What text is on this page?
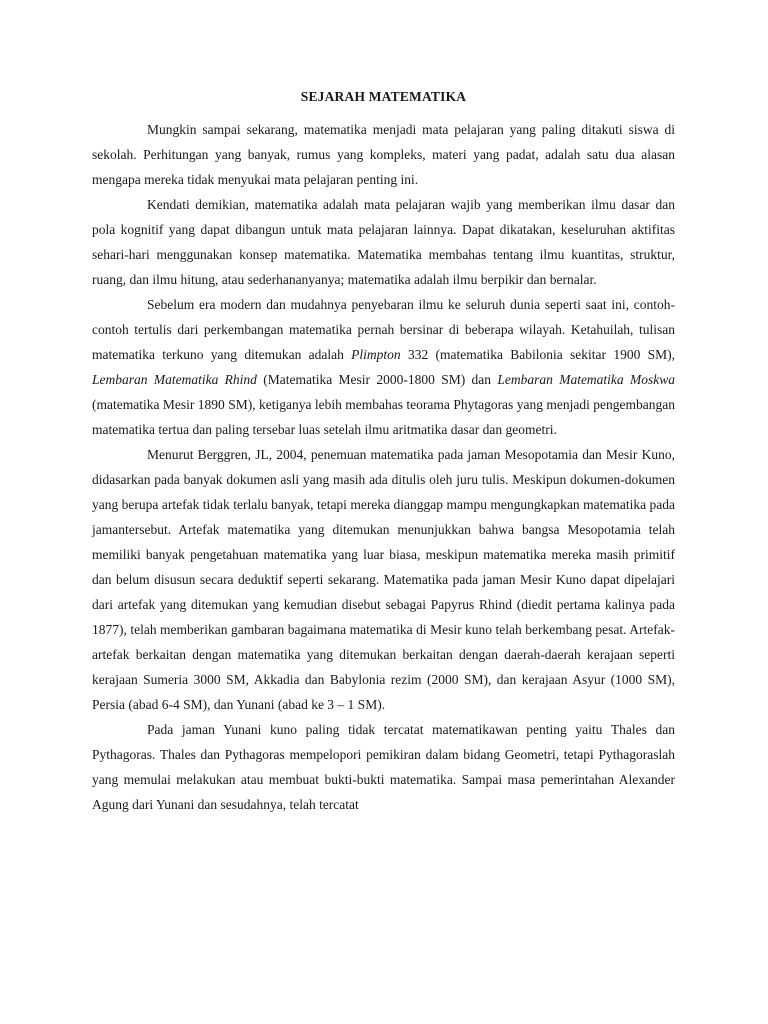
SEJARAH MATEMATIKA

Mungkin sampai sekarang, matematika menjadi mata pelajaran yang paling ditakuti siswa di sekolah. Perhitungan yang banyak, rumus yang kompleks, materi yang padat, adalah satu dua alasan mengapa mereka tidak menyukai mata pelajaran penting ini.

Kendati demikian, matematika adalah mata pelajaran wajib yang memberikan ilmu dasar dan pola kognitif yang dapat dibangun untuk mata pelajaran lainnya. Dapat dikatakan, keseluruhan aktifitas sehari-hari menggunakan konsep matematika. Matematika membahas tentang ilmu kuantitas, struktur, ruang, dan ilmu hitung, atau sederhananyanya; matematika adalah ilmu berpikir dan bernalar.

Sebelum era modern dan mudahnya penyebaran ilmu ke seluruh dunia seperti saat ini, contoh-contoh tertulis dari perkembangan matematika pernah bersinar di beberapa wilayah. Ketahuilah, tulisan matematika terkuno yang ditemukan adalah Plimpton 332 (matematika Babilonia sekitar 1900 SM), Lembaran Matematika Rhind (Matematika Mesir 2000-1800 SM) dan Lembaran Matematika Moskwa (matematika Mesir 1890 SM), ketiganya lebih membahas teorama Phytagoras yang menjadi pengembangan matematika tertua dan paling tersebar luas setelah ilmu aritmatika dasar dan geometri.

Menurut Berggren, JL, 2004, penemuan matematika pada jaman Mesopotamia dan Mesir Kuno, didasarkan pada banyak dokumen asli yang masih ada ditulis oleh juru tulis. Meskipun dokumen-dokumen yang berupa artefak tidak terlalu banyak, tetapi mereka dianggap mampu mengungkapkan matematika pada jamantersebut. Artefak matematika yang ditemukan menunjukkan bahwa bangsa Mesopotamia telah memiliki banyak pengetahuan matematika yang luar biasa, meskipun matematika mereka masih primitif dan belum disusun secara deduktif seperti sekarang. Matematika pada jaman Mesir Kuno dapat dipelajari dari artefak yang ditemukan yang kemudian disebut sebagai Papyrus Rhind (diedit pertama kalinya pada 1877), telah memberikan gambaran bagaimana matematika di Mesir kuno telah berkembang pesat. Artefak-artefak berkaitan dengan matematika yang ditemukan berkaitan dengan daerah-daerah kerajaan seperti kerajaan Sumeria 3000 SM, Akkadia dan Babylonia rezim (2000 SM), dan kerajaan Asyur (1000 SM), Persia (abad 6-4 SM), dan Yunani (abad ke 3 – 1 SM).

Pada jaman Yunani kuno paling tidak tercatat matematikawan penting yaitu Thales dan Pythagoras. Thales dan Pythagoras mempelopori pemikiran dalam bidang Geometri, tetapi Pythagoraslah yang memulai melakukan atau membuat bukti-bukti matematika. Sampai masa pemerintahan Alexander Agung dari Yunani dan sesudahnya, telah tercatat
